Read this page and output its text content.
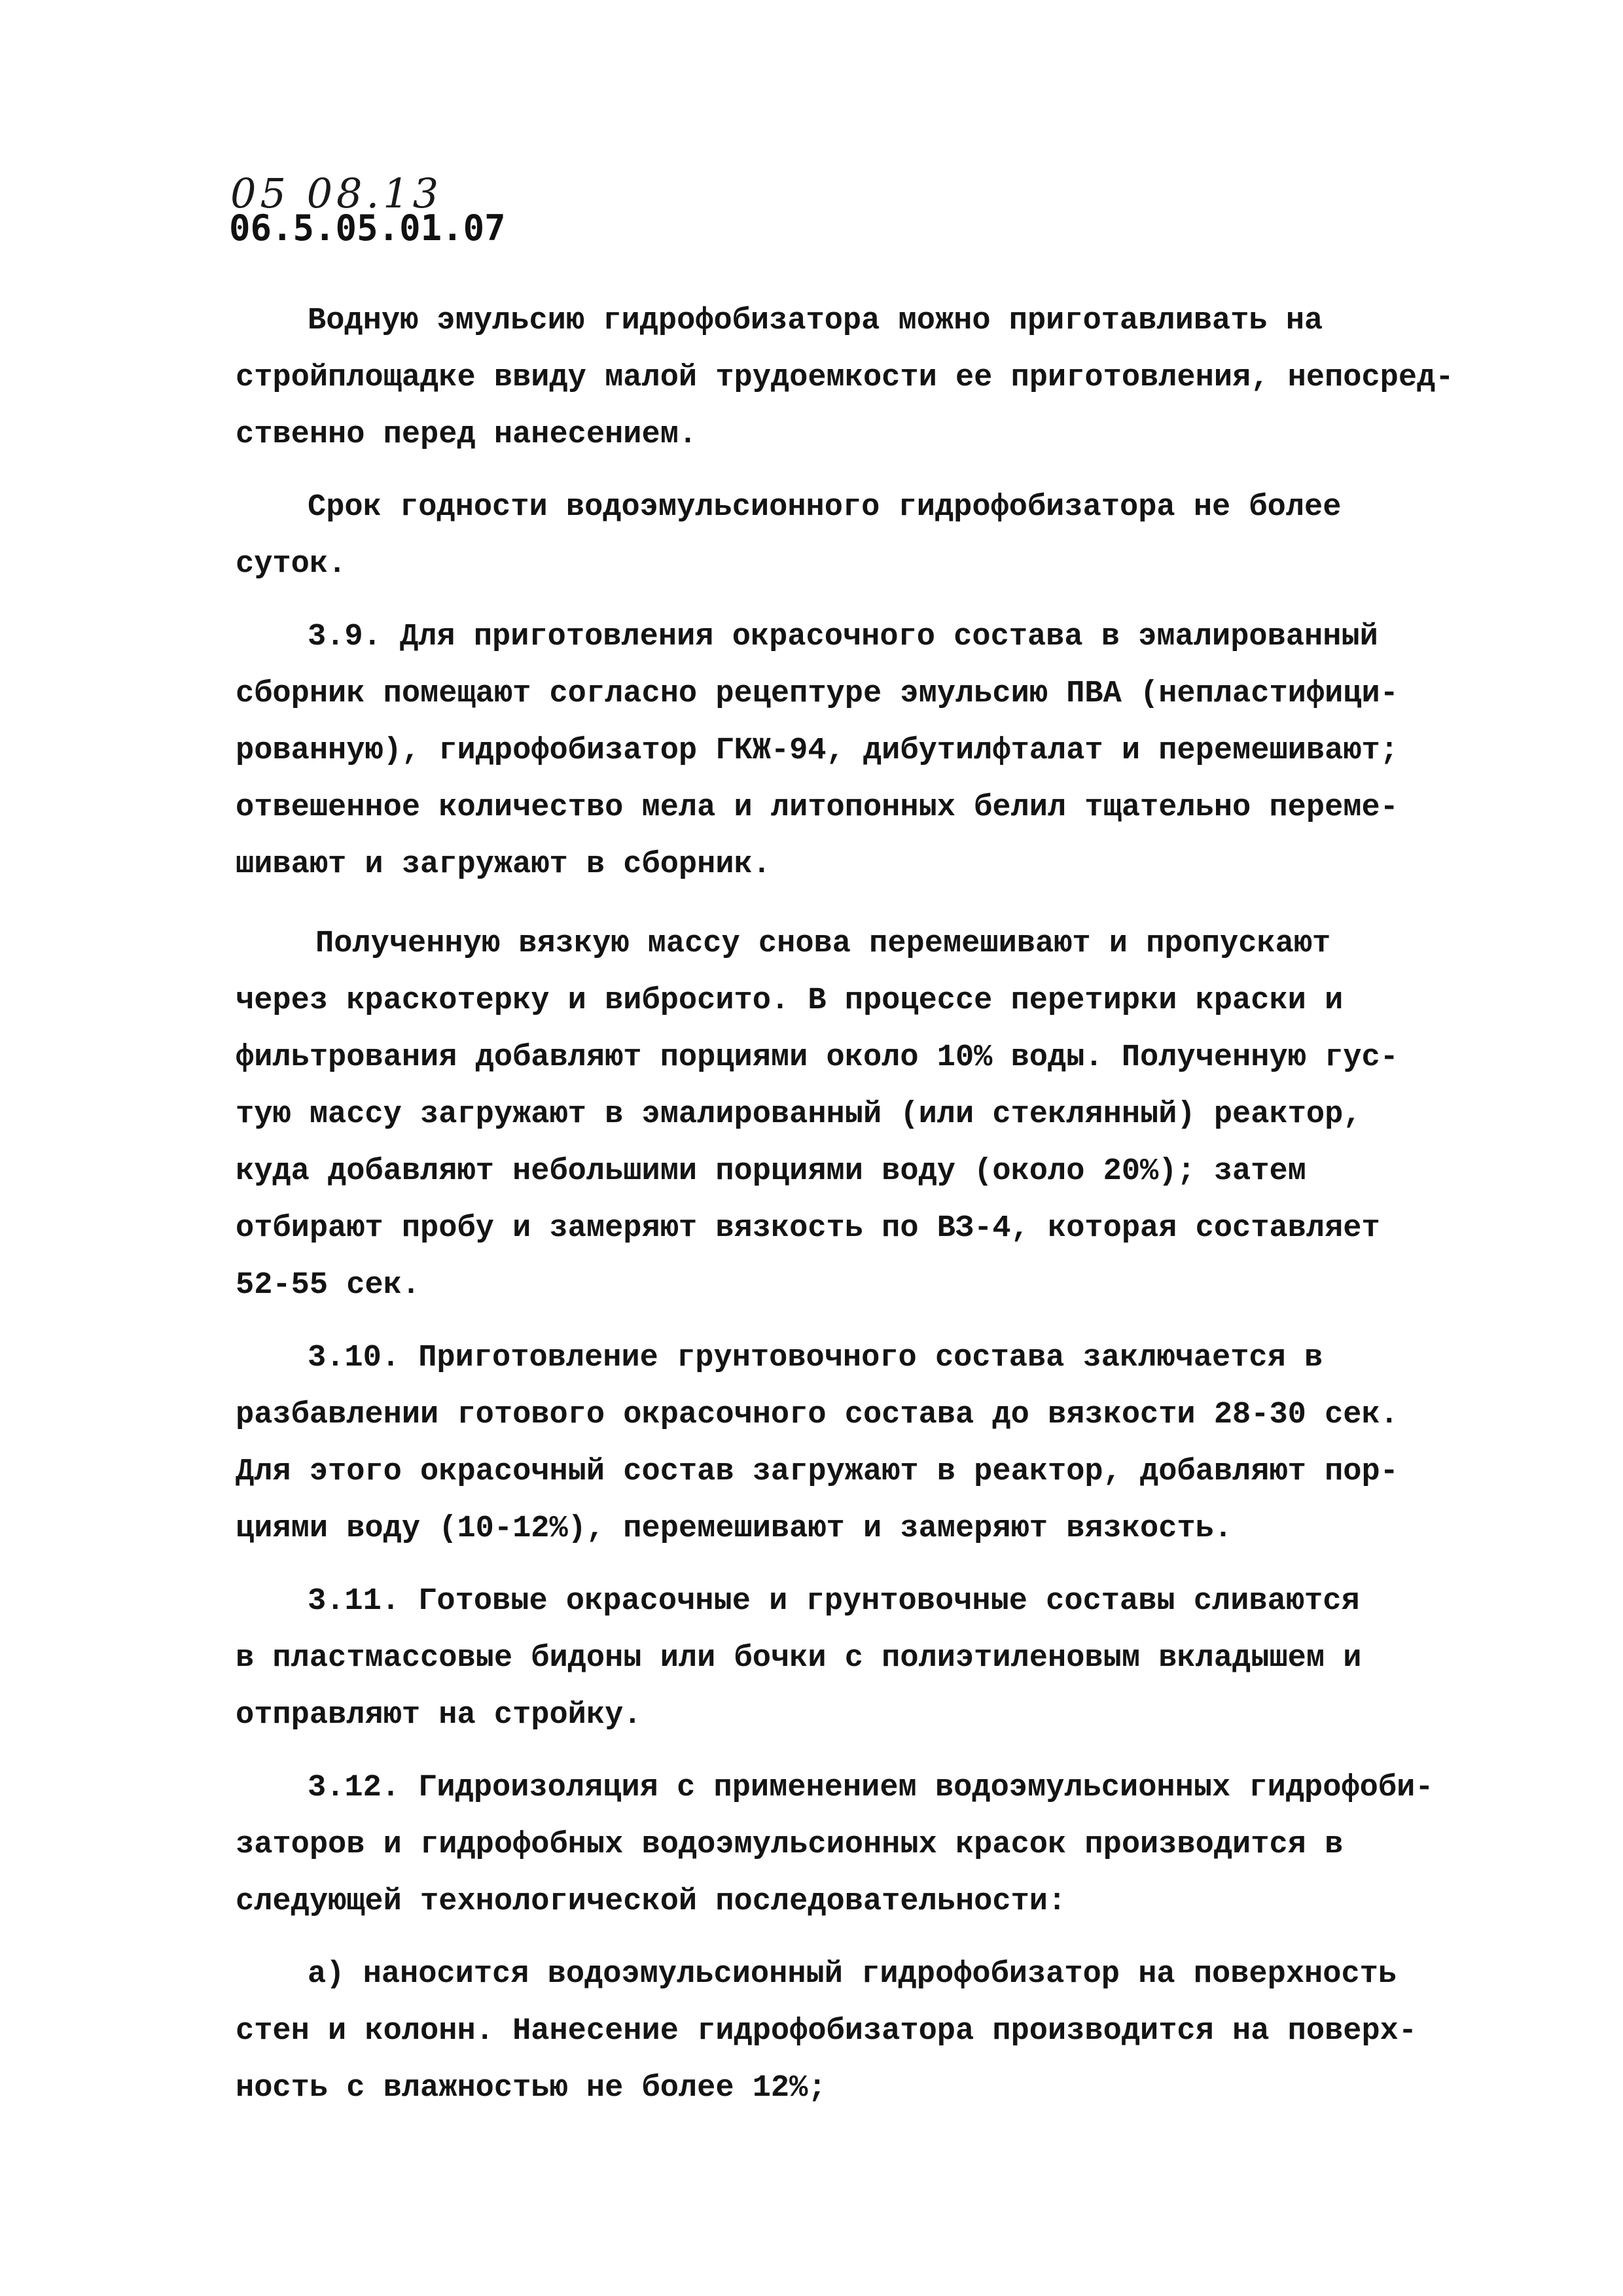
05 08.13
06.5.05.01.07
Водную эмульсию гидрофобизатора можно приготавливать на
стройплощадке ввиду малой трудоемкости ее приготовления, непосред-
ственно перед нанесением.
Срок годности водоэмульсионного гидрофобизатора не более
суток.
3.9. Для приготовления окрасочного состава в эмалированный
сборник помещают согласно рецептуре эмульсию ПВА (непластифици-
рованную), гидрофобизатор ГКЖ-94, дибутилфталат и перемешивают;
отвешенное количество мела и литопонных белил тщательно переме-
шивают и загружают в сборник.
Полученную вязкую массу снова перемешивают и пропускают
через краскотерку и вибросито. В процессе перетирки краски и
фильтрования добавляют порциями около 10% воды. Полученную гус-
тую массу загружают в эмалированный (или стеклянный) реактор,
куда добавляют небольшими порциями воду (около 20%); затем
отбирают пробу и замеряют вязкость по ВЗ-4, которая составляет
52-55 сек.
3.10. Приготовление грунтовочного состава заключается в
разбавлении готового окрасочного состава до вязкости 28-30 сек.
Для этого окрасочный состав загружают в реактор, добавляют пор-
циями воду (10-12%), перемешивают и замеряют вязкость.
3.11. Готовые окрасочные и грунтовочные составы сливаются
в пластмассовые бидоны или бочки с полиэтиленовым вкладышем и
отправляют на стройку.
3.12. Гидроизоляция с применением водоэмульсионных гидрофоби-
заторов и гидрофобных водоэмульсионных красок производится в
следующей технологической последовательности:
а) наносится водоэмульсионный гидрофобизатор на поверхность
стен и колонн. Нанесение гидрофобизатора производится на поверх-
ность с влажностью не более 12%;
